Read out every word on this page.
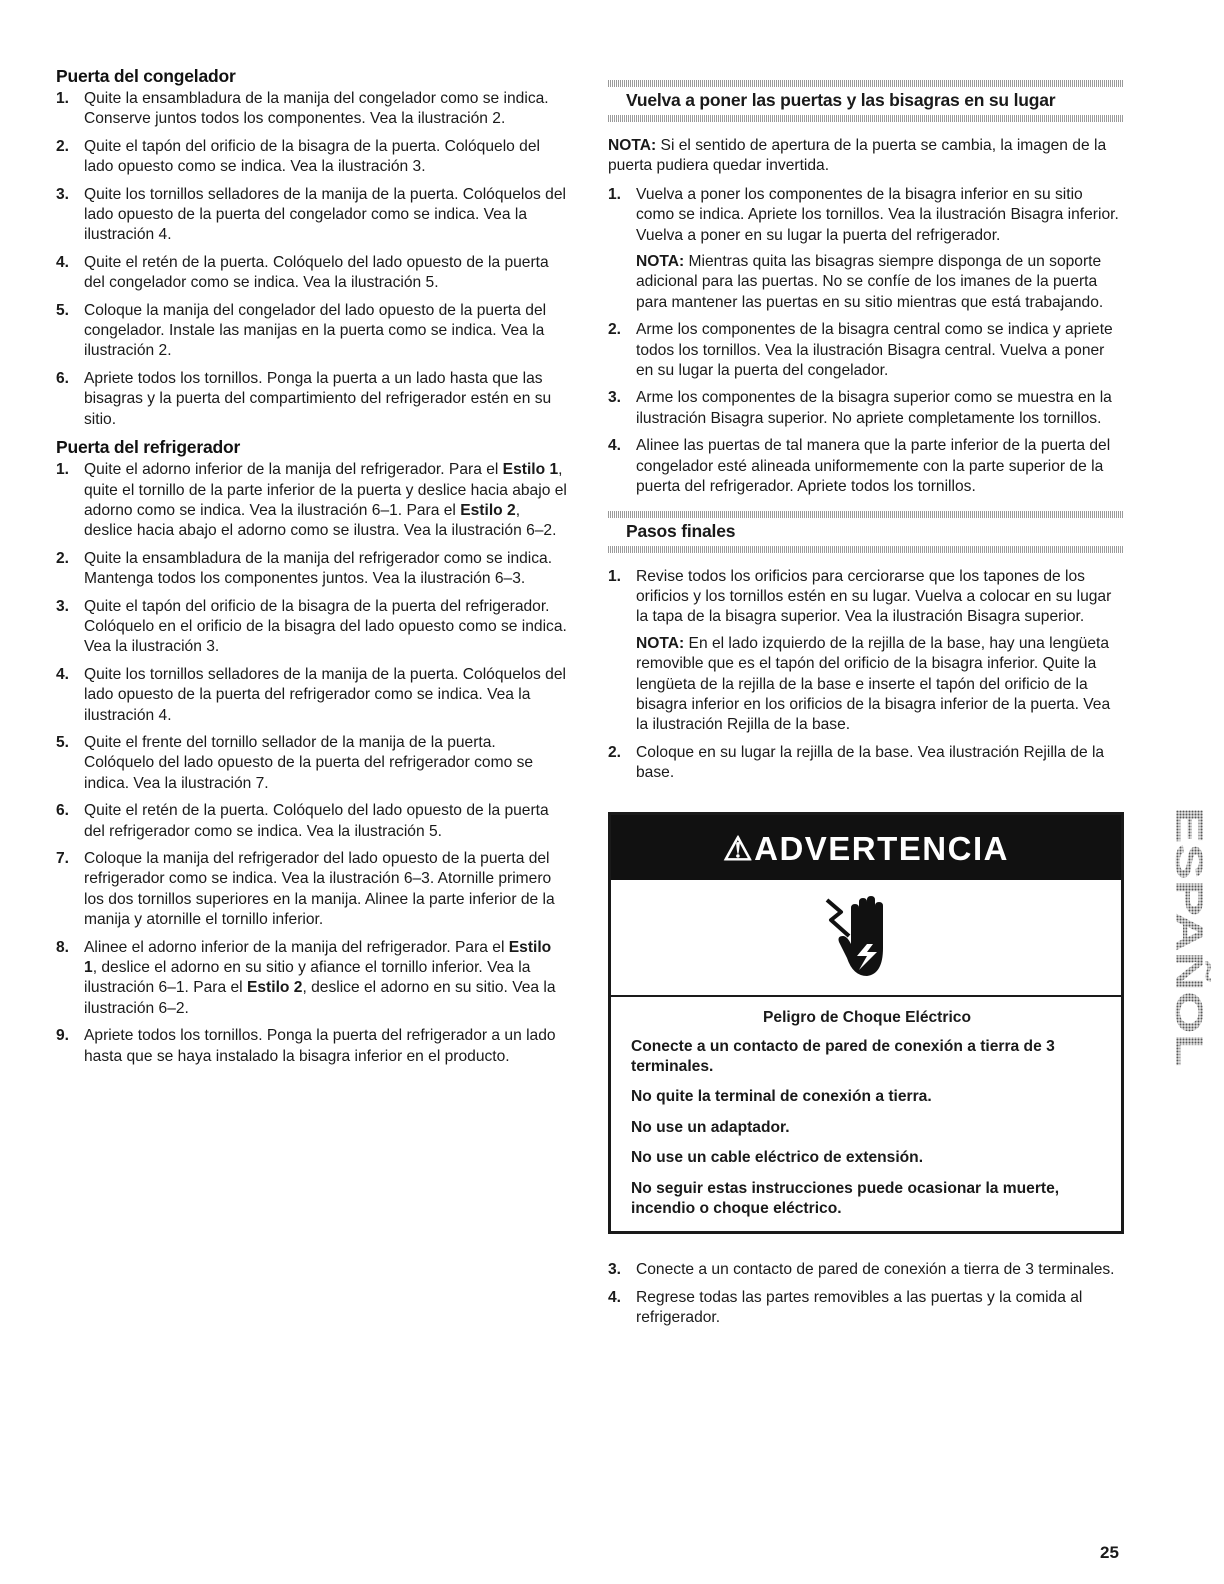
Puerta del congelador
1. Quite la ensambladura de la manija del congelador como se indica. Conserve juntos todos los componentes. Vea la ilustración 2.
2. Quite el tapón del orificio de la bisagra de la puerta. Colóquelo del lado opuesto como se indica. Vea la ilustración 3.
3. Quite los tornillos selladores de la manija de la puerta. Colóquelos del lado opuesto de la puerta del congelador como se indica. Vea la ilustración 4.
4. Quite el retén de la puerta. Colóquelo del lado opuesto de la puerta del congelador como se indica. Vea la ilustración 5.
5. Coloque la manija del congelador del lado opuesto de la puerta del congelador. Instale las manijas en la puerta como se indica. Vea la ilustración 2.
6. Apriete todos los tornillos. Ponga la puerta a un lado hasta que las bisagras y la puerta del compartimiento del refrigerador estén en su sitio.
Puerta del refrigerador
1. Quite el adorno inferior de la manija del refrigerador. Para el Estilo 1, quite el tornillo de la parte inferior de la puerta y deslice hacia abajo el adorno como se indica. Vea la ilustración 6–1. Para el Estilo 2, deslice hacia abajo el adorno como se ilustra. Vea la ilustración 6–2.
2. Quite la ensambladura de la manija del refrigerador como se indica. Mantenga todos los componentes juntos. Vea la ilustración 6–3.
3. Quite el tapón del orificio de la bisagra de la puerta del refrigerador. Colóquelo en el orificio de la bisagra del lado opuesto como se indica. Vea la ilustración 3.
4. Quite los tornillos selladores de la manija de la puerta. Colóquelos del lado opuesto de la puerta del refrigerador como se indica. Vea la ilustración 4.
5. Quite el frente del tornillo sellador de la manija de la puerta. Colóquelo del lado opuesto de la puerta del refrigerador como se indica. Vea la ilustración 7.
6. Quite el retén de la puerta. Colóquelo del lado opuesto de la puerta del refrigerador como se indica. Vea la ilustración 5.
7. Coloque la manija del refrigerador del lado opuesto de la puerta del refrigerador como se indica. Vea la ilustración 6–3. Atornille primero los dos tornillos superiores en la manija. Alinee la parte inferior de la manija y atornille el tornillo inferior.
8. Alinee el adorno inferior de la manija del refrigerador. Para el Estilo 1, deslice el adorno en su sitio y afiance el tornillo inferior. Vea la ilustración 6–1. Para el Estilo 2, deslice el adorno en su sitio. Vea la ilustración 6–2.
9. Apriete todos los tornillos. Ponga la puerta del refrigerador a un lado hasta que se haya instalado la bisagra inferior en el producto.
Vuelva a poner las puertas y las bisagras en su lugar
NOTA: Si el sentido de apertura de la puerta se cambia, la imagen de la puerta pudiera quedar invertida.
1. Vuelva a poner los componentes de la bisagra inferior en su sitio como se indica. Apriete los tornillos. Vea la ilustración Bisagra inferior. Vuelva a poner en su lugar la puerta del refrigerador.
NOTA: Mientras quita las bisagras siempre disponga de un soporte adicional para las puertas. No se confíe de los imanes de la puerta para mantener las puertas en su sitio mientras que está trabajando.
2. Arme los componentes de la bisagra central como se indica y apriete todos los tornillos. Vea la ilustración Bisagra central. Vuelva a poner en su lugar la puerta del congelador.
3. Arme los componentes de la bisagra superior como se muestra en la ilustración Bisagra superior. No apriete completamente los tornillos.
4. Alinee las puertas de tal manera que la parte inferior de la puerta del congelador esté alineada uniformemente con la parte superior de la puerta del refrigerador. Apriete todos los tornillos.
Pasos finales
1. Revise todos los orificios para cerciorarse que los tapones de los orificios y los tornillos estén en su lugar. Vuelva a colocar en su lugar la tapa de la bisagra superior. Vea la ilustración Bisagra superior.
NOTA: En el lado izquierdo de la rejilla de la base, hay una lengüeta removible que es el tapón del orificio de la bisagra inferior. Quite la lengüeta de la rejilla de la base e inserte el tapón del orificio de la bisagra inferior en los orificios de la bisagra inferior de la puerta. Vea la ilustración Rejilla de la base.
2. Coloque en su lugar la rejilla de la base. Vea ilustración Rejilla de la base.
⚠ADVERTENCIA
Peligro de Choque Eléctrico

Conecte a un contacto de pared de conexión a tierra de 3 terminales.

No quite la terminal de conexión a tierra.

No use un adaptador.

No use un cable eléctrico de extensión.

No seguir estas instrucciones puede ocasionar la muerte, incendio o choque eléctrico.

3. Conecte a un contacto de pared de conexión a tierra de 3 terminales.
4. Regrese todas las partes removibles a las puertas y la comida al refrigerador.
ESPAÑOL
25
